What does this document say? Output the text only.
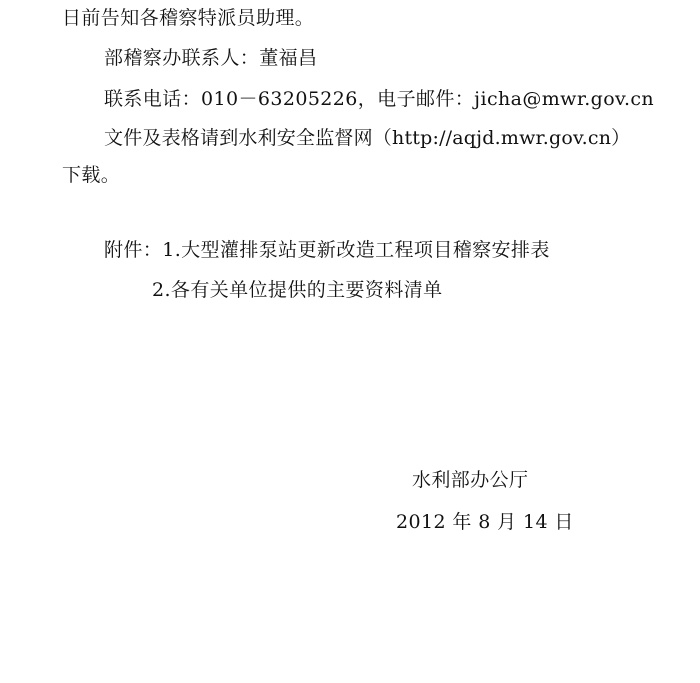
日前告知各稽察特派员助理。
部稽察办联系人：董福昌
联系电话：010－63205226，电子邮件：jicha@mwr.gov.cn
文件及表格请到水利安全监督网（http://aqjd.mwr.gov.cn）
下载。
附件：1.大型灌排泵站更新改造工程项目稽察安排表
2.各有关单位提供的主要资料清单
水利部办公厅
2012 年 8 月 14 日
